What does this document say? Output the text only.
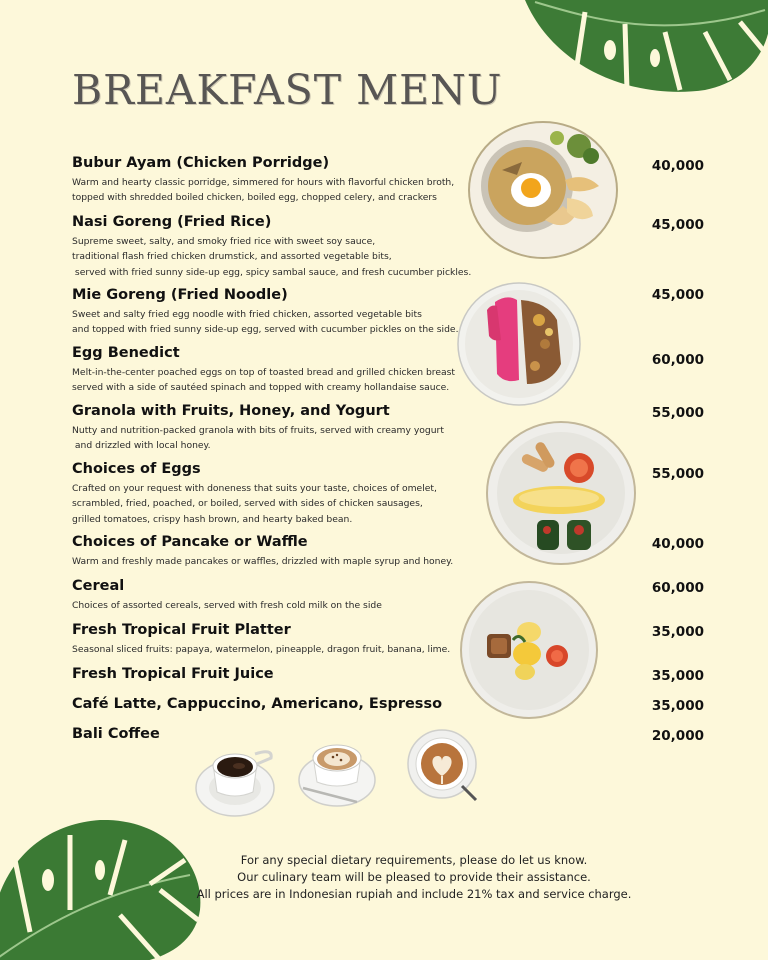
BREAKFAST MENU
Bubur Ayam (Chicken Porridge)
Warm and hearty classic porridge, simmered for hours with flavorful chicken broth,
topped with shredded boiled chicken, boiled egg, chopped celery, and crackers
40,000
Nasi Goreng (Fried Rice)
Supreme sweet, salty, and smoky fried rice with sweet soy sauce,
traditional flash fried chicken drumstick, and assorted vegetable bits,
served with fried sunny side-up egg, spicy sambal sauce, and fresh cucumber pickles.
45,000
Mie Goreng (Fried Noodle)
Sweet and salty fried egg noodle with fried chicken, assorted vegetable bits
and topped with fried sunny side-up egg, served with cucumber pickles on the side.
45,000
Egg Benedict
Melt-in-the-center poached eggs on top of toasted bread and grilled chicken breast
served with a side of sautéed spinach and topped with creamy hollandaise sauce.
60,000
Granola with Fruits, Honey, and Yogurt
Nutty and nutrition-packed granola with bits of fruits, served with creamy yogurt
and drizzled with local honey.
55,000
Choices of Eggs
Crafted on your request with doneness that suits your taste, choices of omelet,
scrambled, fried, poached, or boiled, served with sides of chicken sausages,
grilled tomatoes, crispy hash brown, and hearty baked bean.
55,000
Choices of Pancake or Waffle
Warm and freshly made pancakes or waffles, drizzled with maple syrup and honey.
40,000
Cereal
Choices of assorted cereals, served with fresh cold milk on the side
60,000
Fresh Tropical Fruit Platter
Seasonal sliced fruits: papaya, watermelon, pineapple, dragon fruit, banana, lime.
35,000
Fresh Tropical Fruit Juice	35,000
Café Latte, Cappuccino, Americano, Espresso	35,000
Bali Coffee	20,000
For any special dietary requirements, please do let us know.
Our culinary team will be pleased to provide their assistance.
All prices are in Indonesian rupiah and include 21% tax and service charge.
